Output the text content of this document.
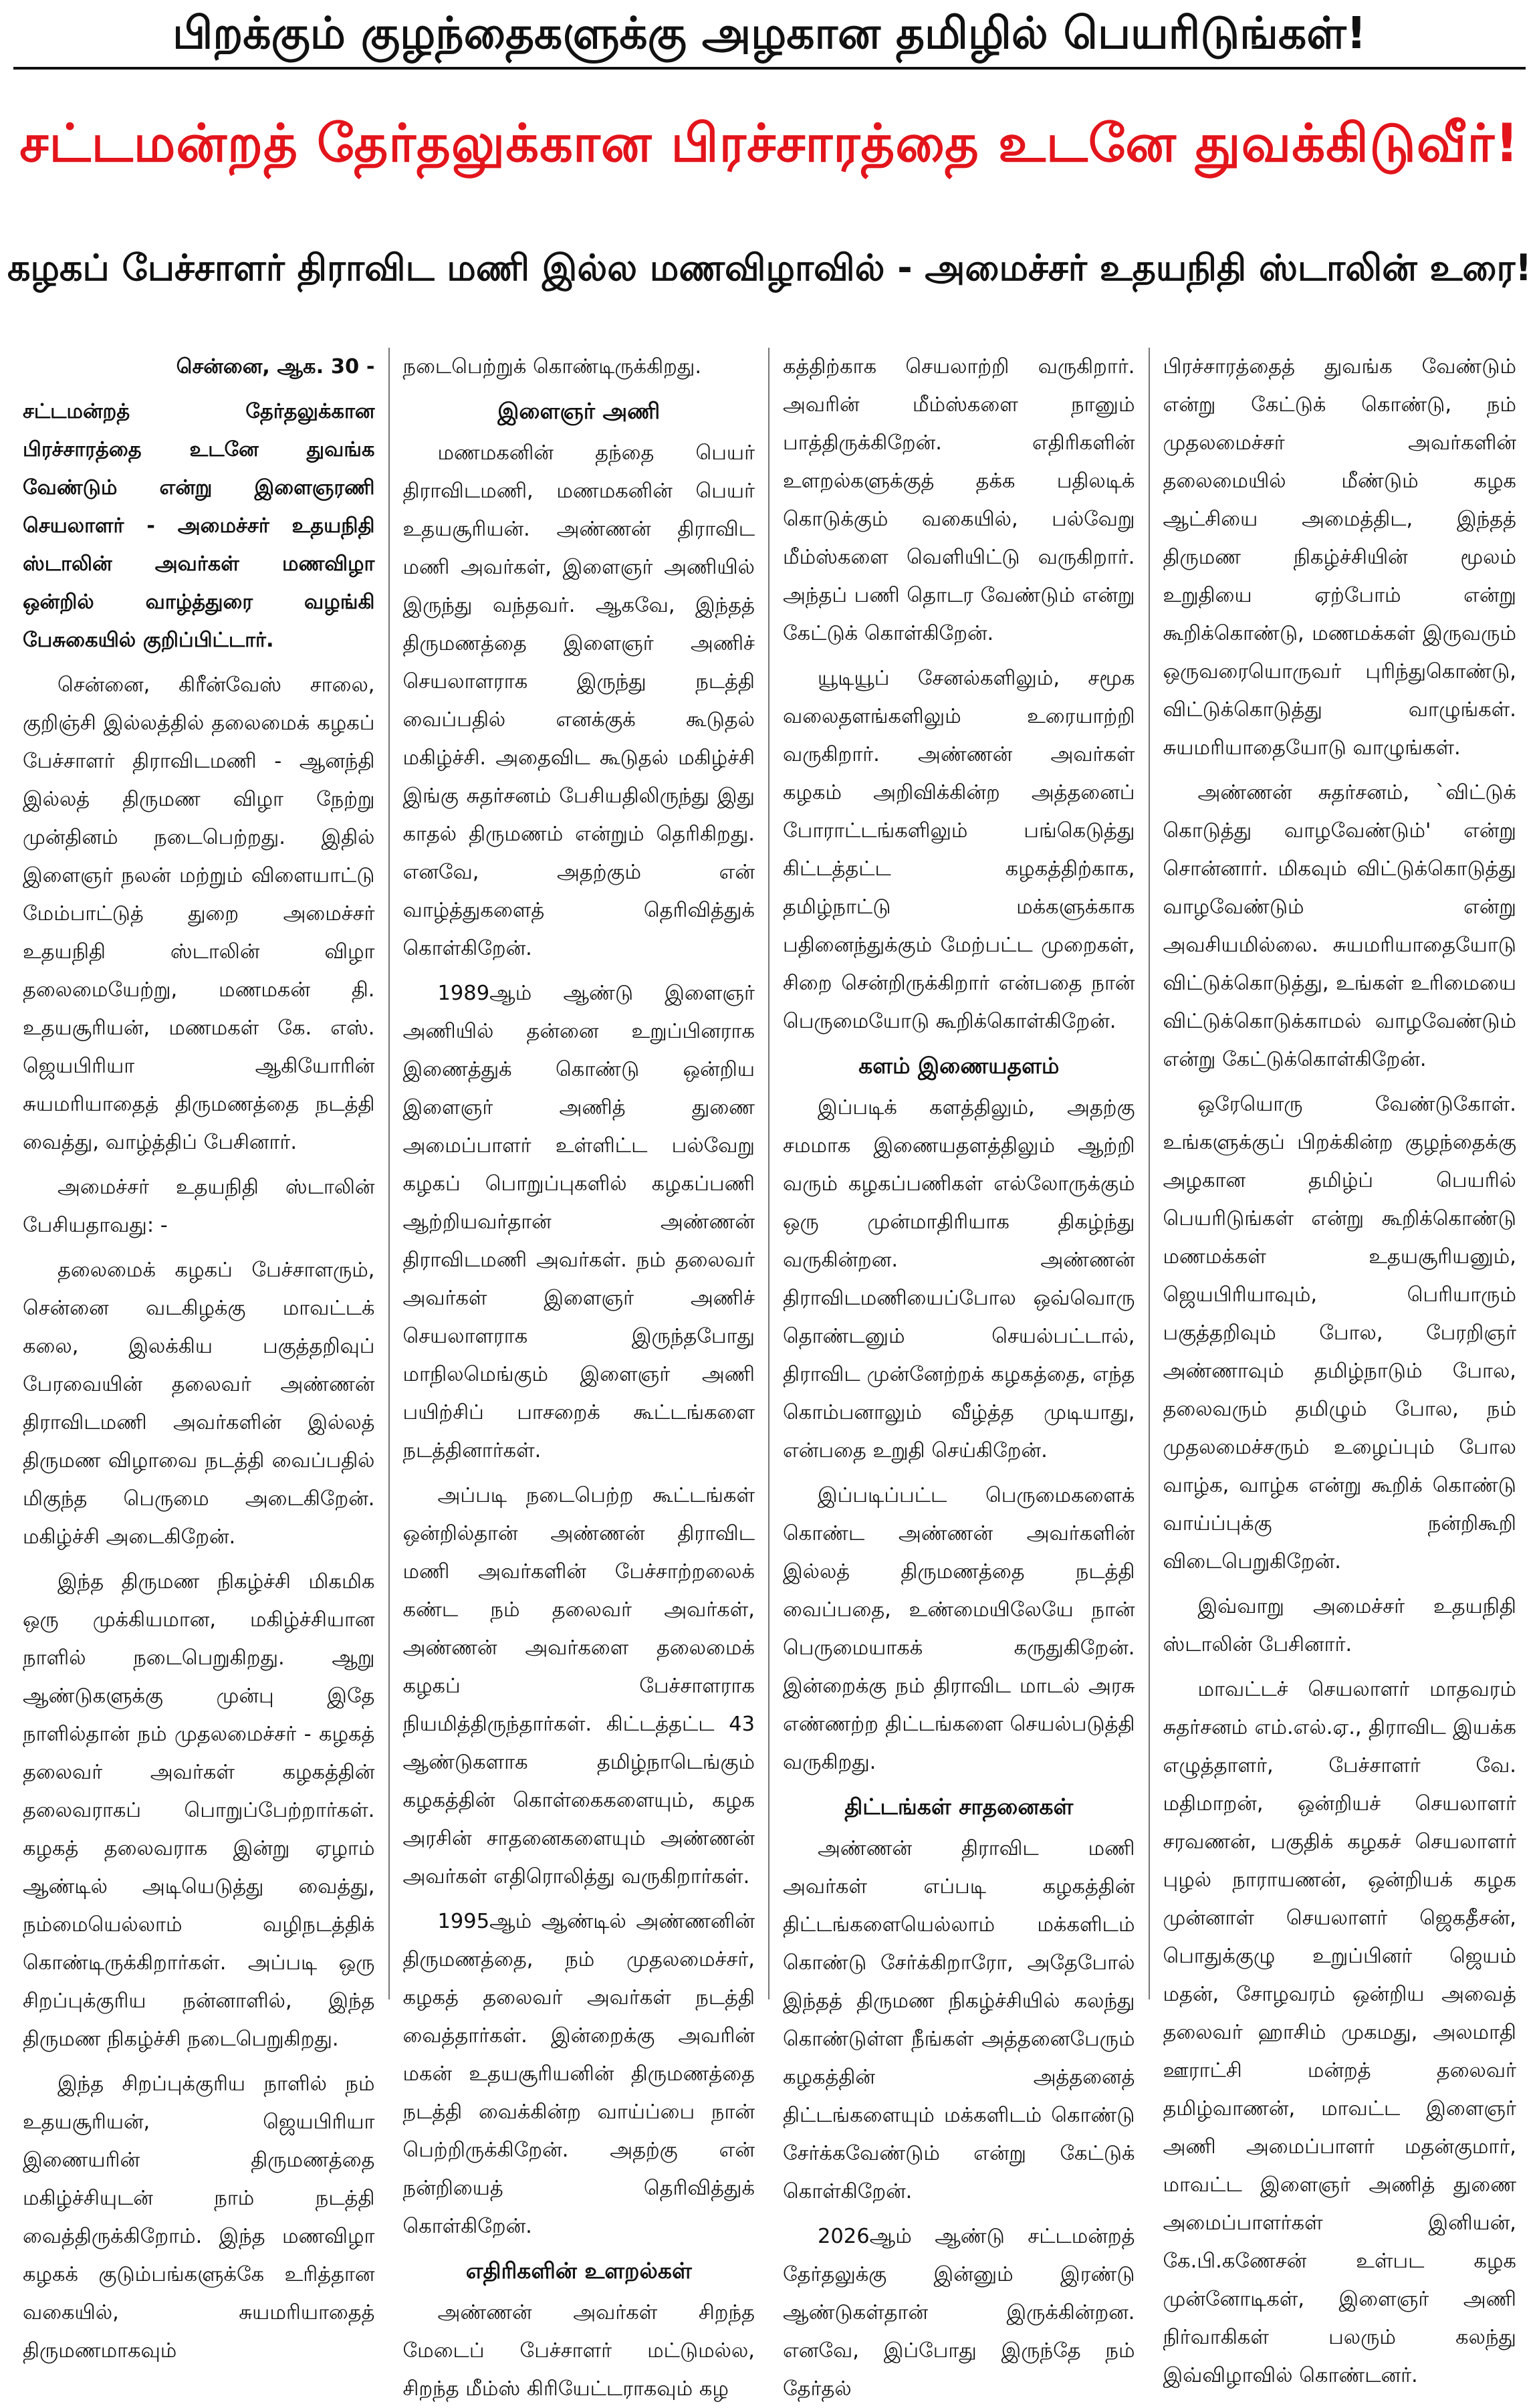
பிறக்கும் குழந்தைகளுக்கு அழகான தமிழில் பெயரிடுங்கள்!
சட்டமன்றத் தேர்தலுக்கான பிரச்சாரத்தை உடனே துவக்கிடுவீர்!
கழகப் பேச்சாளர் திராவிட மணி இல்ல மணவிழாவில் - அமைச்சர் உதயநிதி ஸ்டாலின் உரை!

சென்னை, ஆக. 30 -

சட்டமன்றத் தேர்தலுக்கான பிரச்சாரத்தை உடனே துவங்க வேண்டும் என்று இளைஞரணி செயலாளர் - அமைச்சர் உதயநிதி ஸ்டாலின் அவர்கள் மணவிழா ஒன்றில் வாழ்த்துரை வழங்கி பேசுகையில் குறிப்பிட்டார்.

சென்னை, கிரீன்வேஸ் சாலை, குறிஞ்சி இல்லத்தில் தலைமைக் கழகப் பேச்சாளர் திராவிடமணி - ஆனந்தி இல்லத் திருமண விழா நேற்று முன்தினம் நடைபெற்றது. இதில் இளைஞர் நலன் மற்றும் விளையாட்டு மேம்பாட்டுத் துறை அமைச்சர் உதயநிதி ஸ்டாலின் விழா தலைமையேற்று, மணமகன் தி. உதயசூரியன், மணமகள் கே. எஸ். ஜெயபிரியா ஆகியோரின் சுயமரியாதைத் திருமணத்தை நடத்தி வைத்து, வாழ்த்திப் பேசினார்.

அமைச்சர் உதயநிதி ஸ்டாலின் பேசியதாவது: -

தலைமைக் கழகப் பேச்சாளரும், சென்னை வடகிழக்கு மாவட்டக் கலை, இலக்கிய பகுத்தறிவுப் பேரவையின் தலைவர் அண்ணன் திராவிடமணி அவர்களின் இல்லத் திருமண விழாவை நடத்தி வைப்பதில் மிகுந்த பெருமை அடைகிறேன். மகிழ்ச்சி அடைகிறேன்.

இந்த திருமண நிகழ்ச்சி மிகமிக ஒரு முக்கியமான, மகிழ்ச்சியான நாளில் நடைபெறுகிறது. ஆறு ஆண்டுகளுக்கு முன்பு இதே நாளில்தான் நம் முதலமைச்சர் - கழகத் தலைவர் அவர்கள் கழகத்தின் தலைவராகப் பொறுப்பேற்றார்கள். கழகத் தலைவராக இன்று ஏழாம் ஆண்டில் அடியெடுத்து வைத்து, நம்மையெல்லாம் வழிநடத்திக் கொண்டிருக்கிறார்கள். அப்படி ஒரு சிறப்புக்குரிய நன்னாளில், இந்த திருமண நிகழ்ச்சி நடைபெறுகிறது.

இந்த சிறப்புக்குரிய நாளில் நம் உதயசூரியன், ஜெயபிரியா இணையரின் திருமணத்தை மகிழ்ச்சியுடன் நாம் நடத்தி வைத்திருக்கிறோம். இந்த மணவிழா கழகக் குடும்பங்களுக்கே உரித்தான வகையில், சுயமரியாதைத் திருமணமாகவும்

நடைபெற்றுக் கொண்டிருக்கிறது.

இளைஞர் அணி

மணமகனின் தந்தை பெயர் திராவிடமணி, மணமகனின் பெயர் உதயசூரியன். அண்ணன் திராவிட மணி அவர்கள், இளைஞர் அணியில் இருந்து வந்தவர். ஆகவே, இந்தத் திருமணத்தை இளைஞர் அணிச் செயலாளராக இருந்து நடத்தி வைப்பதில் எனக்குக் கூடுதல் மகிழ்ச்சி. அதைவிட கூடுதல் மகிழ்ச்சி இங்கு சுதர்சனம் பேசியதிலிருந்து இது காதல் திருமணம் என்றும் தெரிகிறது. எனவே, அதற்கும் என் வாழ்த்துகளைத் தெரிவித்துக் கொள்கிறேன்.

1989ஆம் ஆண்டு இளைஞர் அணியில் தன்னை உறுப்பினராக இணைத்துக் கொண்டு ஒன்றிய இளைஞர் அணித் துணை அமைப்பாளர் உள்ளிட்ட பல்வேறு கழகப் பொறுப்புகளில் கழகப்பணி ஆற்றியவர்தான் அண்ணன் திராவிடமணி அவர்கள். நம் தலைவர் அவர்கள் இளைஞர் அணிச் செயலாளராக இருந்தபோது மாநிலமெங்கும் இளைஞர் அணி பயிற்சிப் பாசறைக் கூட்டங்களை நடத்தினார்கள்.

அப்படி நடைபெற்ற கூட்டங்கள் ஒன்றில்தான் அண்ணன் திராவிட மணி அவர்களின் பேச்சாற்றலைக் கண்ட நம் தலைவர் அவர்கள், அண்ணன் அவர்களை தலைமைக் கழகப் பேச்சாளராக நியமித்திருந்தார்கள். கிட்டத்தட்ட 43 ஆண்டுகளாக தமிழ்நாடெங்கும் கழகத்தின் கொள்கைகளையும், கழக அரசின் சாதனைகளையும் அண்ணன் அவர்கள் எதிரொலித்து வருகிறார்கள்.

1995ஆம் ஆண்டில் அண்ணனின் திருமணத்தை, நம் முதலமைச்சர், கழகத் தலைவர் அவர்கள் நடத்தி வைத்தார்கள். இன்றைக்கு அவரின் மகன் உதயசூரியனின் திருமணத்தை நடத்தி வைக்கின்ற வாய்ப்பை நான் பெற்றிருக்கிறேன். அதற்கு என் நன்றியைத் தெரிவித்துக் கொள்கிறேன்.

எதிரிகளின் உளறல்கள்

அண்ணன் அவர்கள் சிறந்த மேடைப் பேச்சாளர் மட்டுமல்ல, சிறந்த மீம்ஸ் கிரியேட்டராகவும் கழ

கத்திற்காக செயலாற்றி வருகிறார். அவரின் மீம்ஸ்களை நானும் பாத்திருக்கிறேன். எதிரிகளின் உளறல்களுக்குத் தக்க பதிலடிக் கொடுக்கும் வகையில், பல்வேறு மீம்ஸ்களை வெளியிட்டு வருகிறார். அந்தப் பணி தொடர வேண்டும் என்று கேட்டுக் கொள்கிறேன்.

யூடியூப் சேனல்களிலும், சமூக வலைதளங்களிலும் உரையாற்றி வருகிறார். அண்ணன் அவர்கள் கழகம் அறிவிக்கின்ற அத்தனைப் போராட்டங்களிலும் பங்கெடுத்து கிட்டத்தட்ட கழகத்திற்காக, தமிழ்நாட்டு மக்களுக்காக பதினைந்துக்கும் மேற்பட்ட முறைகள், சிறை சென்றிருக்கிறார் என்பதை நான் பெருமையோடு கூறிக்கொள்கிறேன்.

களம் இணையதளம்

இப்படிக் களத்திலும், அதற்கு சமமாக இணையதளத்திலும் ஆற்றி வரும் கழகப்பணிகள் எல்லோருக்கும் ஒரு முன்மாதிரியாக திகழ்ந்து வருகின்றன. அண்ணன் திராவிடமணியைப்போல ஒவ்வொரு தொண்டனும் செயல்பட்டால், திராவிட முன்னேற்றக் கழகத்தை, எந்த கொம்பனாலும் வீழ்த்த முடியாது, என்பதை உறுதி செய்கிறேன்.

இப்படிப்பட்ட பெருமைகளைக் கொண்ட அண்ணன் அவர்களின் இல்லத் திருமணத்தை நடத்தி வைப்பதை, உண்மையிலேயே நான் பெருமையாகக் கருதுகிறேன். இன்றைக்கு நம் திராவிட மாடல் அரசு எண்ணற்ற திட்டங்களை செயல்படுத்தி வருகிறது.

திட்டங்கள் சாதனைகள்

அண்ணன் திராவிட மணி அவர்கள் எப்படி கழகத்தின் திட்டங்களையெல்லாம் மக்களிடம் கொண்டு சேர்க்கிறாரோ, அதேபோல் இந்தத் திருமண நிகழ்ச்சியில் கலந்து கொண்டுள்ள நீங்கள் அத்தனைபேரும் கழகத்தின் அத்தனைத் திட்டங்களையும் மக்களிடம் கொண்டு சேர்க்கவேண்டும் என்று கேட்டுக் கொள்கிறேன்.

2026ஆம் ஆண்டு சட்டமன்றத் தேர்தலுக்கு இன்னும் இரண்டு ஆண்டுகள்தான் இருக்கின்றன. எனவே, இப்போது இருந்தே நம் தேர்தல்

பிரச்சாரத்தைத் துவங்க வேண்டும் என்று கேட்டுக் கொண்டு, நம் முதலமைச்சர் அவர்களின் தலைமையில் மீண்டும் கழக ஆட்சியை அமைத்திட, இந்தத் திருமண நிகழ்ச்சியின் மூலம் உறுதியை ஏற்போம் என்று கூறிக்கொண்டு, மணமக்கள் இருவரும் ஒருவரையொருவர் புரிந்துகொண்டு, விட்டுக்கொடுத்து வாழுங்கள். சுயமரியாதையோடு வாழுங்கள்.

அண்ணன் சுதர்சனம், `விட்டுக் கொடுத்து வாழவேண்டும்' என்று சொன்னார். மிகவும் விட்டுக்கொடுத்து வாழவேண்டும் என்று அவசியமில்லை. சுயமரியாதையோடு விட்டுக்கொடுத்து, உங்கள் உரிமையை விட்டுக்கொடுக்காமல் வாழவேண்டும் என்று கேட்டுக்கொள்கிறேன்.

ஒரேயொரு வேண்டுகோள். உங்களுக்குப் பிறக்கின்ற குழந்தைக்கு அழகான தமிழ்ப் பெயரில் பெயரிடுங்கள் என்று கூறிக்கொண்டு மணமக்கள் உதயசூரியனும், ஜெயபிரியாவும், பெரியாரும் பகுத்தறிவும் போல, பேரறிஞர் அண்ணாவும் தமிழ்நாடும் போல, தலைவரும் தமிழும் போல, நம் முதலமைச்சரும் உழைப்பும் போல வாழ்க, வாழ்க என்று கூறிக் கொண்டு வாய்ப்புக்கு நன்றிகூறி விடைபெறுகிறேன்.

இவ்வாறு அமைச்சர் உதயநிதி ஸ்டாலின் பேசினார்.

மாவட்டச் செயலாளர் மாதவரம் சுதர்சனம் எம்.எல்.ஏ., திராவிட இயக்க எழுத்தாளர், பேச்சாளர் வே. மதிமாறன், ஒன்றியச் செயலாளர் சரவணன், பகுதிக் கழகச் செயலாளர் புழல் நாராயணன், ஒன்றியக் கழக முன்னாள் செயலாளர் ஜெகதீசன், பொதுக்குழு உறுப்பினர் ஜெயம் மதன், சோழவரம் ஒன்றிய அவைத் தலைவர் ஹாசிம் முகமது, அலமாதி ஊராட்சி மன்றத் தலைவர் தமிழ்வாணன், மாவட்ட இளைஞர் அணி அமைப்பாளர் மதன்குமார், மாவட்ட இளைஞர் அணித் துணை அமைப்பாளர்கள் இனியன், கே.பி.கணேசன் உள்பட கழக முன்னோடிகள், இளைஞர் அணி நிர்வாகிகள் பலரும் கலந்து இவ்விழாவில் கொண்டனர்.
